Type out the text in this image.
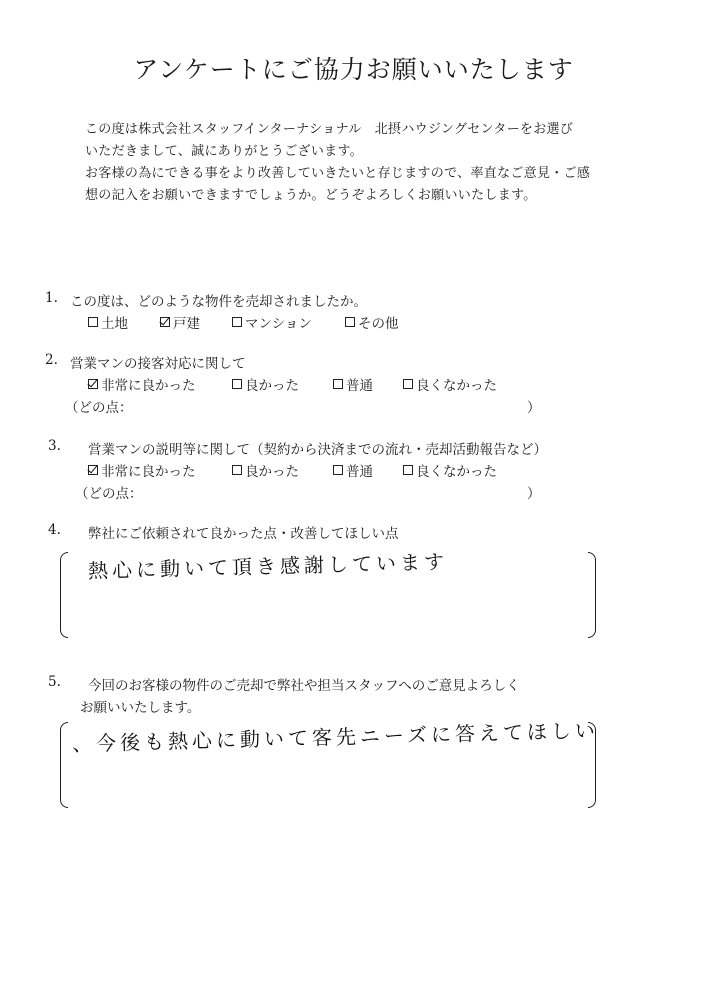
アンケートにご協力お願いいたします
この度は株式会社スタッフインターナショナル　北摂ハウジングセンターをお選び
いただきまして、誠にありがとうございます。
お客様の為にできる事をより改善していきたいと存じますので、率直なご意見・ご感
想の記入をお願いできますでしょうか。どうぞよろしくお願いいたします。
1. この度は、どのような物件を売却されましたか。
土地	戸建	マンション	その他
2. 営業マンの接客対応に関して
非常に良かった	良かった	普通	良くなかった
（どの点：	）
3. 営業マンの説明等に関して（契約から決済までの流れ・売却活動報告など）
非常に良かった	良かった	普通	良くなかった
（どの点：	）
4. 弊社にご依頼されて良かった点・改善してほしい点
熱心に動いて頂き感謝しています
5. 今回のお客様の物件のご売却で弊社や担当スタッフへのご意見よろしく
お願いいたします。
、今後も熱心に動いて客先ニーズに答えてほしい
